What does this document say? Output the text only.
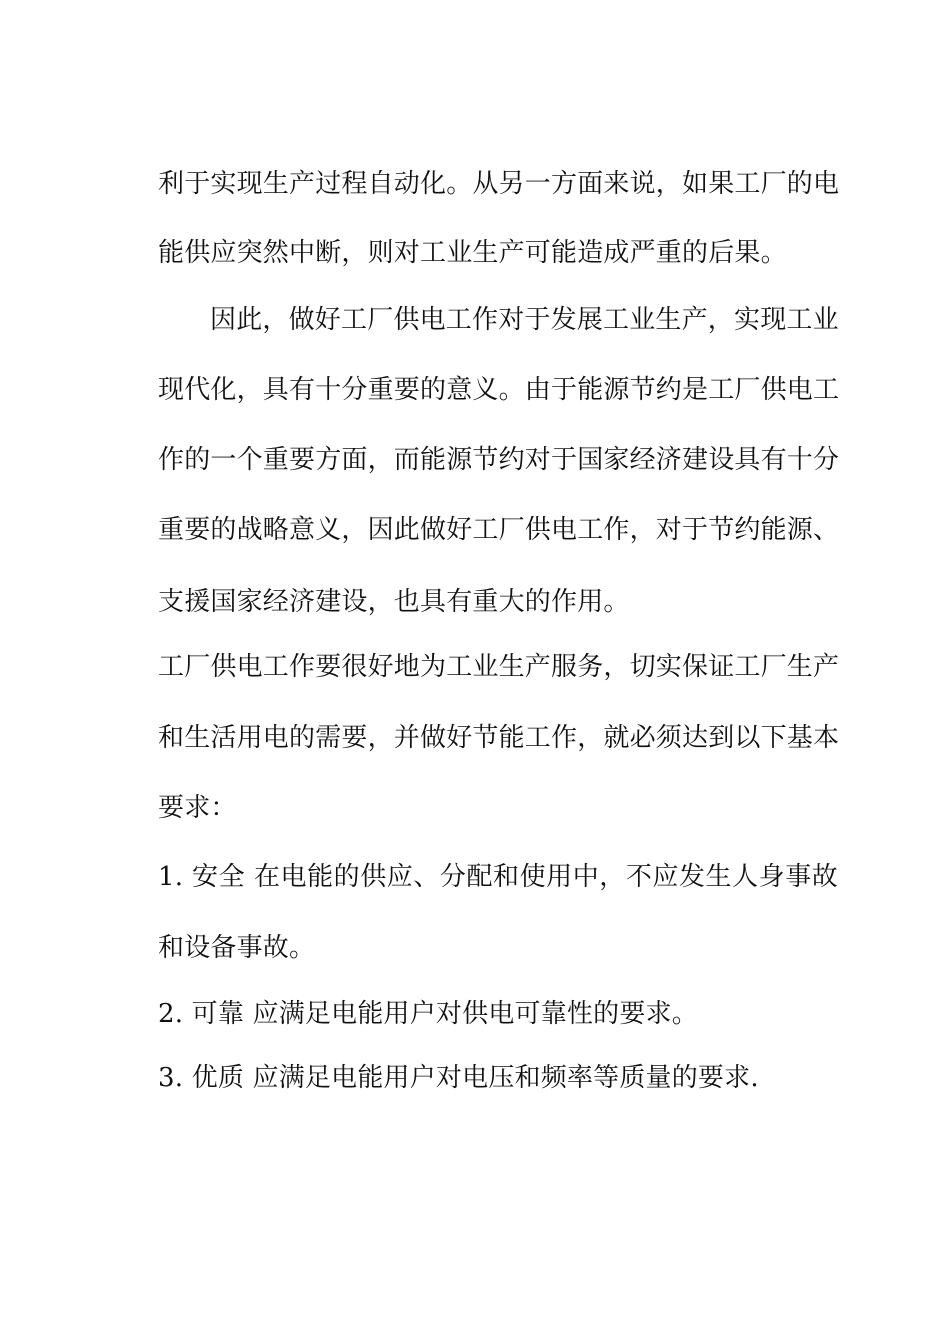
利于实现生产过程自动化。从另一方面来说，如果工厂的电
能供应突然中断，则对工业生产可能造成严重的后果。
因此，做好工厂供电工作对于发展工业生产，实现工业
现代化，具有十分重要的意义。由于能源节约是工厂供电工
作的一个重要方面，而能源节约对于国家经济建设具有十分
重要的战略意义，因此做好工厂供电工作，对于节约能源、
支援国家经济建设，也具有重大的作用。
工厂供电工作要很好地为工业生产服务，切实保证工厂生产
和生活用电的需要，并做好节能工作，就必须达到以下基本
要求：
1. 安全 在电能的供应、分配和使用中，不应发生人身事故
和设备事故。
2. 可靠 应满足电能用户对供电可靠性的要求。
3. 优质 应满足电能用户对电压和频率等质量的要求.
